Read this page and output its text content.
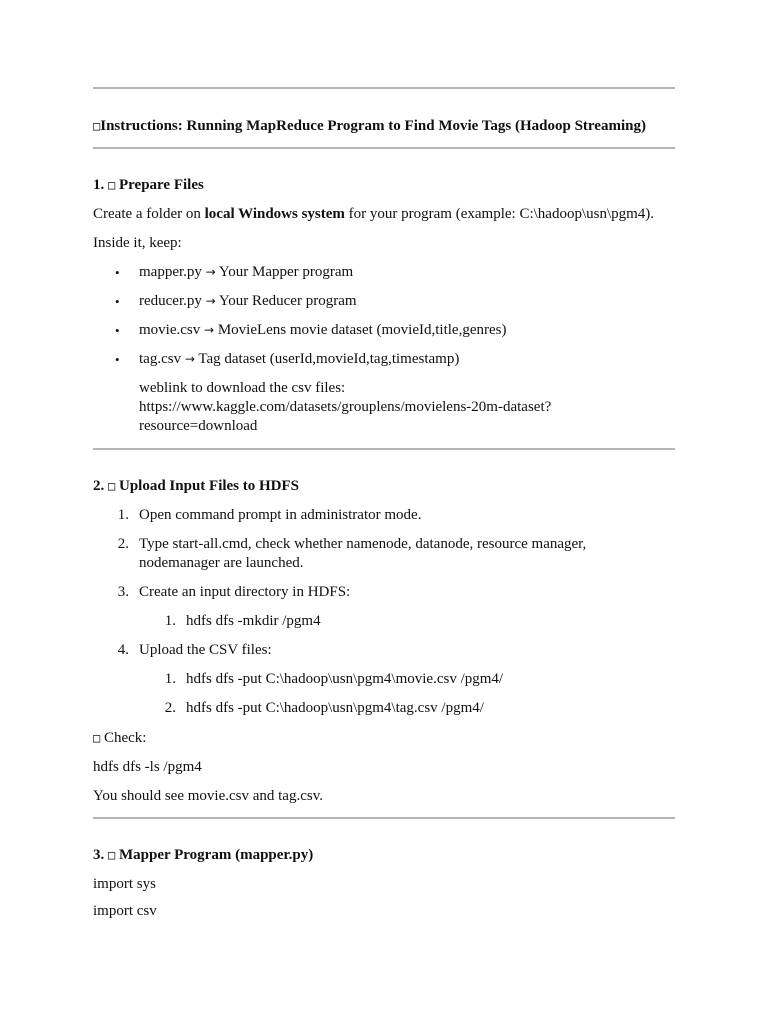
□Instructions: Running MapReduce Program to Find Movie Tags (Hadoop Streaming)
1. □ Prepare Files
Create a folder on local Windows system for your program (example: C:\hadoop\usn\pgm4).
Inside it, keep:
• mapper.py → Your Mapper program
• reducer.py → Your Reducer program
• movie.csv → MovieLens movie dataset (movieId,title,genres)
• tag.csv → Tag dataset (userId,movieId,tag,timestamp)
weblink to download the csv files:
https://www.kaggle.com/datasets/grouplens/movielens-20m-dataset?
resource=download
2. □ Upload Input Files to HDFS
1. Open command prompt in administrator mode.
2. Type start-all.cmd, check whether namenode, datanode, resource manager,
nodemanager are launched.
3. Create an input directory in HDFS:
1. hdfs dfs -mkdir /pgm4
4. Upload the CSV files:
1. hdfs dfs -put C:\hadoop\usn\pgm4\movie.csv /pgm4/
2. hdfs dfs -put C:\hadoop\usn\pgm4\tag.csv /pgm4/
□ Check:
hdfs dfs -ls /pgm4
You should see movie.csv and tag.csv.
3. □ Mapper Program (mapper.py)
import sys
import csv
